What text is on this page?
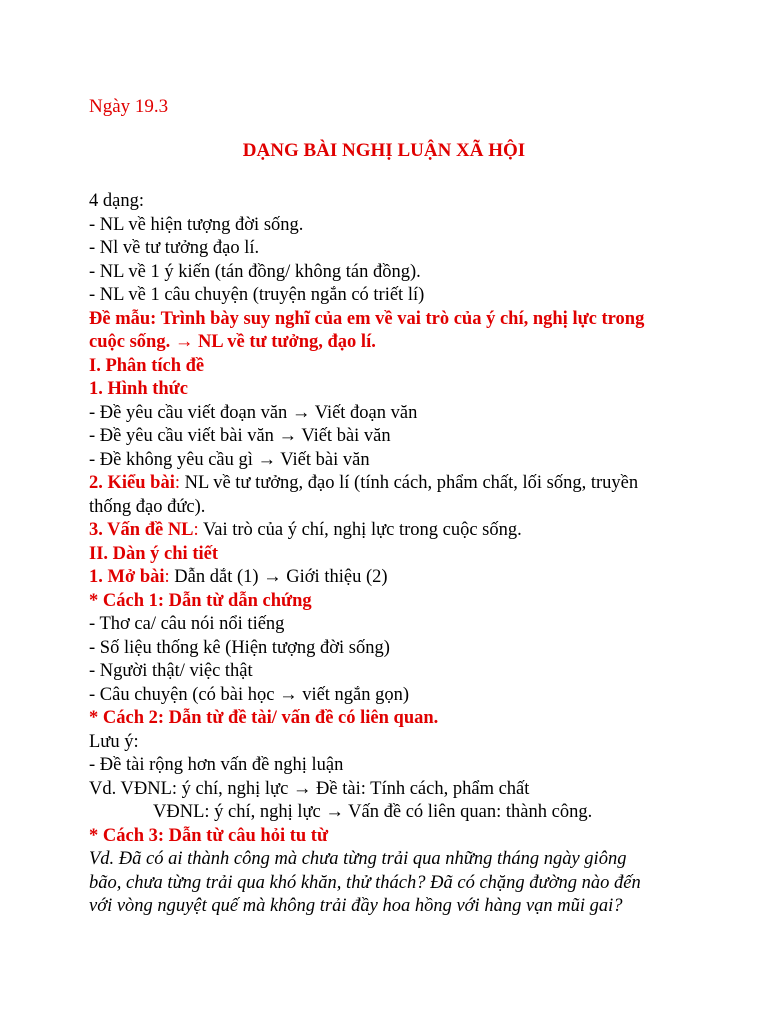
Ngày 19.3
DẠNG BÀI NGHỊ LUẬN XÃ HỘI
4 dạng:
- NL về hiện tượng đời sống.
- Nl về tư tưởng đạo lí.
- NL về 1 ý kiến (tán đồng/ không tán đồng).
- NL về 1 câu chuyện (truyện ngắn có triết lí)
Đề mẫu: Trình bày suy nghĩ của em về vai trò của ý chí, nghị lực trong
cuộc sống. → NL về tư tưởng, đạo lí.
I. Phân tích đề
1. Hình thức
- Đề yêu cầu viết đoạn văn → Viết đoạn văn
- Đề yêu cầu viết bài văn → Viết bài văn
- Đề không yêu cầu gì → Viết bài văn
2. Kiểu bài: NL về tư tưởng, đạo lí (tính cách, phẩm chất, lối sống, truyền
thống đạo đức).
3. Vấn đề NL: Vai trò của ý chí, nghị lực trong cuộc sống.
II. Dàn ý chi tiết
1. Mở bài: Dẫn dắt (1) → Giới thiệu (2)
* Cách 1: Dẫn từ dẫn chứng
- Thơ ca/ câu nói nổi tiếng
- Số liệu thống kê (Hiện tượng đời sống)
- Người thật/ việc thật
- Câu chuyện (có bài học → viết ngắn gọn)
* Cách 2: Dẫn từ đề tài/ vấn đề có liên quan.
Lưu ý:
- Đề tài rộng hơn vấn đề nghị luận
Vd. VĐNL: ý chí, nghị lực → Đề tài: Tính cách, phẩm chất
VĐNL: ý chí, nghị lực → Vấn đề có liên quan: thành công.
* Cách 3: Dẫn từ câu hỏi tu từ
Vd. Đã có ai thành công mà chưa từng trải qua những tháng ngày giông
bão, chưa từng trải qua khó khăn, thử thách? Đã có chặng đường nào đến
với vòng nguyệt quế mà không trải đầy hoa hồng với hàng vạn mũi gai?
